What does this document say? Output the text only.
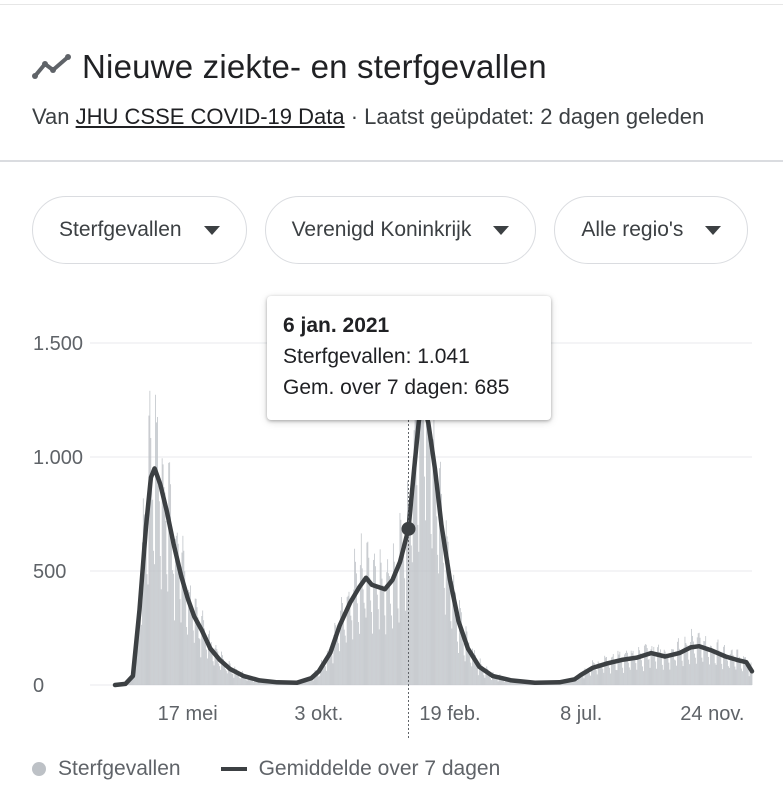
Nieuwe ziekte- en sterfgevallen
Van JHU CSSE COVID-19 Data · Laatst geüpdatet: 2 dagen geleden
Sterfgevallen	Verenigd Koninkrijk	Alle regio's
0
500
1.000
1.500
17 mei	3 okt.	19 feb.	8 jul.	24 nov.
6 jan. 2021
Sterfgevallen: 1.041
Gem. over 7 dagen: 685
Sterfgevallen	Gemiddelde over 7 dagen
